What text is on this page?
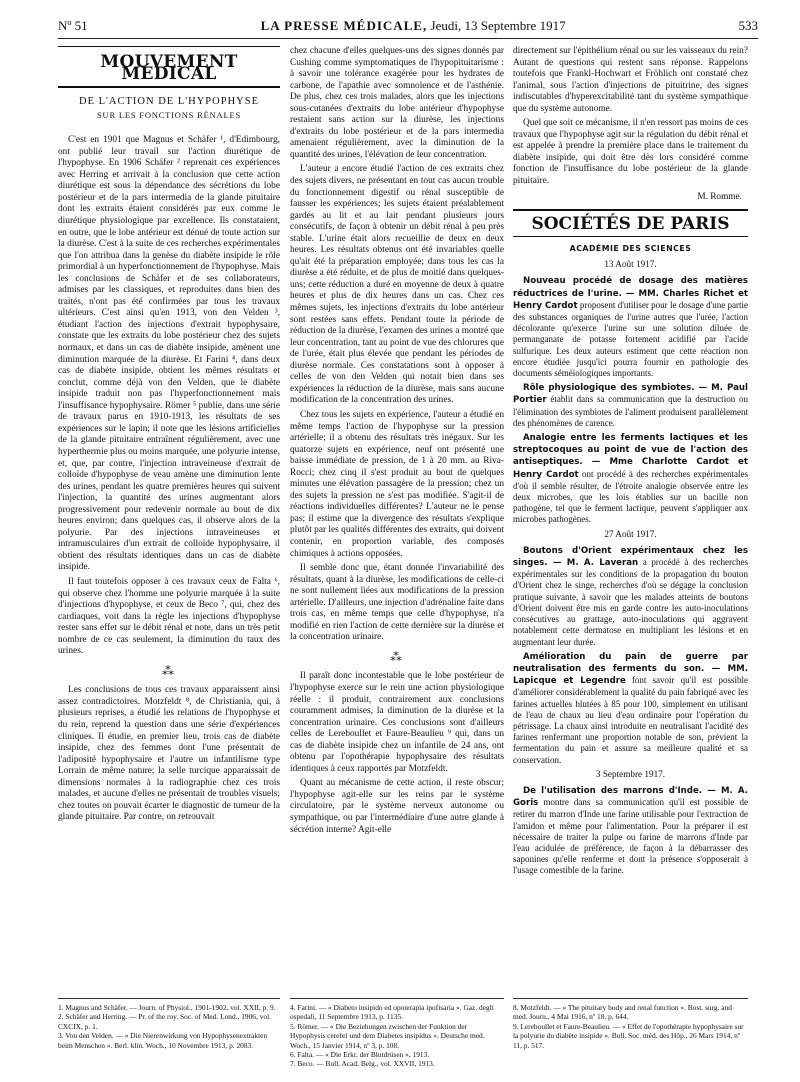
Nº 51	LA PRESSE MÉDICALE, Jeudi, 13 Septembre 1917	533
MOUVEMENT MÉDICAL
DE L'ACTION DE L'HYPOPHYSE
SUR LES FONCTIONS RÉNALES

C'est en 1901 que Magnus et Schäfer ¹, d'Edimbourg, ont publié leur travail sur l'action diurétique de l'hypophyse. En 1906 Schäfer ² reprenait ces expériences avec Herring et arrivait à la conclusion que cette action diurétique est sous la dépendance des sécrétions du lobe postérieur et de la pars intermedia de la glande pituitaire dont les extraits étaient considérés par eux comme le diurétique physiologique par excellence. Ils constataient, en outre, que le lobe antérieur est dénué de toute action sur la diurèse. C'est à la suite de ces recherches expérimentales que l'on attribua dans la genèse du diabète insipide le rôle primordial à un hyperfonctionnement de l'hypophyse. Mais les conclusions de Schäfer et de ses collaborateurs, admises par les classiques, et reproduites dans bien des traités, n'ont pas été confirmées par tous les travaux ultérieurs. C'est ainsi qu'en 1913, von den Velden ³, étudiant l'action des injections d'extrait hypophysaire, constate que les extraits du lobe postérieur chez des sujets normaux, et dans un cas de diabète insipide, amènent une diminution marquée de la diurèse. Et Farini ⁴, dans deux cas de diabète insipide, obtient les mêmes résultats et conclut, comme déjà von den Velden, que le diabète insipide traduit non pas l'hyperfonctionnement mais l'insuffisance hypophysaire. Römer ⁵ publie, dans une série de travaux parus en 1910-1913, les résultats de ses expériences sur le lapin; il note que les lésions artificielles de la glande pituitaire entraînent régulièrement, avec une hyperthermie plus ou moins marquée, une polyurie intense, et, que, par contre, l'injection intraveineuse d'extrait de colloïde d'hypophyse de veau amène une diminution lente des urines, pendant les quatre premières heures qui suivent l'injection, la quantité des urines augmentant alors progressivement pour redevenir normale au bout de dix heures environ; dans quelques cas, il observe alors de la polyurie. Par des injections intraveineuses et intramusculaires d'un extrait de colloïde hypophysaire, il obtient des résultats identiques dans un cas de diabète insipide.

Il faut toutefois opposer à ces travaux ceux de Falta ⁶, qui observe chez l'homme une polyurie marquée à la suite d'injections d'hypophyse, et ceux de Beco ⁷, qui, chez des cardiaques, voit dans la règle les injections d'hypophyse rester sans effet sur le débit rénal et note, dans un très petit nombre de ce cas seulement, la diminution du taux des urines.

⁂

Les conclusions de tous ces travaux apparaissent ainsi assez contradictoires. Motzfeldt ⁸, de Christiania, qui, à plusieurs reprises, a étudié les relations de l'hypophyse et du rein, reprend la question dans une série d'expériences cliniques. Il étudie, en premier lieu, trois cas de diabète insipide, chez des femmes dont l'une présentait de l'adiposité hypophysaire et l'autre un infantilisme type Lorrain de même nature; la selle turcique apparaissait de dimensions normales à la radiographie chez ces trois malades, et aucune d'elles ne présentait de troubles visuels; chez toutes on pouvait écarter le diagnostic de tumeur de la glande pituitaire. Par contre, on retrouvait

chez chacune d'elles quelques-uns des signes donnés par Cushing comme symptomatiques de l'hypopituitarisme : à savoir une tolérance exagérée pour les hydrates de carbone, de l'apathie avec somnolence et de l'asthénie. De plus, chez ces trois malades, alors que les injections sous-cutanées d'extraits du lobe antérieur d'hypophyse restaient sans action sur la diurèse, les injections d'extraits du lobe postérieur et de la pars intermedia amenaient régulièrement, avec la diminution de la quantité des urines, l'élévation de leur concentration.

L'auteur a encore étudié l'action de ces extraits chez des sujets divers, ne présentant en tout cas aucun trouble du fonctionnement digestif ou rénal susceptible de fausser les expériences; les sujets étaient préalablement gardés au lit et au lait pendant plusieurs jours consécutifs, de façon à obtenir un débit rénal à peu près stable. L'urine était alors recueillie de deux en deux heures. Les résultats obtenus ont été invariables quelle qu'ait été la préparation employée; dans tous les cas la diurèse a été réduite, et de plus de moitié dans quelques-uns; cette réduction a duré en moyenne de deux à quatre heures et plus de dix heures dans un cas. Chez ces mêmes sujets, les injections d'extraits du lobe antérieur sont restées sans effets. Pendant toute la période de réduction de la diurèse, l'examen des urines a montré que leur concentration, tant au point de vue des chlorures que de l'urée, était plus élevée que pendant les périodes de diurèse normale. Ces constatations sont à opposer à celles de von den Velden qui notait bien dans ses expériences la réduction de la diurèse, mais sans aucune modification de la concentration des urines.

Chez tous les sujets en expérience, l'auteur a étudié en même temps l'action de l'hypophyse sur la pression artérielle; il a obtenu des résultats très inégaux. Sur les quatorze sujets en expérience, neuf ont présenté une baisse immédiate de pression, de 1 à 20 mm. au Riva-Rocci; chez cinq il s'est produit au bout de quelques minutes une élévation passagère de la pression; chez un des sujets la pression ne s'est pas modifiée. S'agit-il de réactions individuelles différentes? L'auteur ne le pense pas; il estime que la divergence des résultats s'explique plutôt par les qualités différentes des extraits, qui doivent contenir, en proportion variable, des composés chimiques à actions opposées.

Il semble donc que, étant donnée l'invariabilité des résultats, quant à la diurèse, les modifications de celle-ci ne sont nullement liées aux modifications de la pression artérielle. D'ailleurs, une injection d'adrénaline faite dans trois cas, en même temps que celle d'hypophyse, n'a modifié en rien l'action de cette dernière sur la diurèse et la concentration urinaire.

⁂

Il paraît donc incontestable que le lobe postérieur de l'hypophyse exerce sur le rein une action physiologique réelle : il produit, contrairement aux conclusions couramment admises, la diminution de la diurèse et la concentration urinaire. Ces conclusions sont d'ailleurs celles de Lereboullet et Faure-Beaulieu ⁹ qui, dans un cas de diabète insipide chez un infantile de 24 ans, ont obtenu par l'opothérapie hypophysaire des résultats identiques à ceux rapportés par Motzfeldt.

Quant au mécanisme de cette action, il reste obscur; l'hypophyse agit-elle sur les reins par le système circulatoire, par le système nerveux autonome ou sympathique, ou par l'intermédiaire d'une autre glande à sécrétion interne? Agit-elle

directement sur l'épithélium rénal ou sur les vaisseaux du rein? Autant de questions qui restent sans réponse. Rappelons toutefois que Frankl-Hochwart et Fröhlich ont constaté chez l'animal, sous l'action d'injections de pituitrine, des signes indiscutables d'hyperexcitabilité tant du système sympathique que du système autonome.

Quel que soit ce mécanisme, il n'en ressort pas moins de ces travaux que l'hypophyse agit sur la régulation du débit rénal et est appelée à prendre la première place dans le traitement du diabète insipide, qui doit être dès lors considéré comme fonction de l'insuffisance du lobe postérieur de la glande pituitaire.

M. Romme.
SOCIÉTÉS DE PARIS
ACADÉMIE DES SCIENCES
13 Août 1917.

Nouveau procédé de dosage des matières réductrices de l'urine. — MM. Charles Richet et Henry Cardot proposent d'utiliser pour le dosage d'une partie des substances organiques de l'urine autres que l'urée, l'action décolorante qu'exerce l'urine sur une solution diluée de permanganate de potasse fortement acidifié par l'acide sulfurique. Les deux auteurs estiment que cette réaction non encore étudiée jusqu'ici pourra fournir en pathologie des documents séméiologiques importants.

Rôle physiologique des symbiotes. — M. Paul Portier établit dans sa communication que la destruction ou l'élimination des symbiotes de l'aliment produisent parallèlement des phénomènes de carence.

Analogie entre les ferments lactiques et les streptocoques au point de vue de l'action des antiseptiques. — Mme Charlotte Cardot et Henry Cardot ont procédé à des recherches expérimentales d'où il semble résulter, de l'étroite analogie observée entre les deux microbes, que les lois établies sur un bacille non pathogène, tel que le ferment lactique, peuvent s'appliquer aux microbes pathogènes.

27 Août 1917.

Boutons d'Orient expérimentaux chez les singes. — M. A. Laveran a procédé à des recherches expérimentales sur les conditions de la propagation du bouton d'Orient chez le singe, recherches d'où se dégage la conclusion pratique suivante, à savoir que les malades atteints de boutons d'Orient doivent être mis en garde contre les auto-inoculations consécutives au grattage, auto-inoculations qui aggravent notablement cette dermatose en multipliant les lésions et en augmentant leur durée.

Amélioration du pain de guerre par neutralisation des ferments du son. — MM. Lapicque et Legendre font savoir qu'il est possible d'améliorer considérablement la qualité du pain fabriqué avec les farines actuelles blutées à 85 pour 100, simplement en utilisant de l'eau de chaux au lieu d'eau ordinaire pour l'opération du pétrissage. La chaux ainsi introduite en neutralisant l'acidité des farines renfermant une proportion notable de son, prévient la fermentation du pain et assure sa meilleure qualité et sa conservation.

3 Septembre 1917.

De l'utilisation des marrons d'Inde. — M. A. Goris montre dans sa communication qu'il est possible de retirer du marron d'Inde une farine utilisable pour l'extraction de l'amidon et même pour l'alimentation. Pour la préparer il est nécessaire de traiter la pulpe ou farine de marrons d'Inde par l'eau acidulée de préférence, de façon à la débarrasser des saponines qu'elle renferme et dont la présence s'opposerait à l'usage comestible de la farine.

1. Magnus and Schäfer. — Journ. of Physiol., 1901-1902, vol. XXII, p. 9.
2. Schäfer and Herring. — Pr. of the roy. Soc. of Med. Lond., 1906, vol. CXCIX, p. 1.
3. Von den Velden. — « Die Nierenwirkung von Hypophysenextrakten beim Menschen ». Berl. klin. Woch., 10 Novembre 1913, p. 2083.
4. Farini. — « Diabeto insipido ed opoterapia ipofisaria ». Gaz. degli ospedali, 11 Septembre 1913, p. 1135.
5. Römer. — « Die Beziehungen zwischen der Funktion der Hypophysis cerebri und dem Diabetes insipidus ». Deutsche med. Woch., 15 Janvier 1914, nº 3, p. 108.
6. Falta. — « Die Erkr. der Blutdrüsen », 1913.
7. Beco. — Bull. Acad. Belg., vol. XXVII, 1913.
8. Motzfeldt. — « The pituitary body and renal function ». Bost. surg. and med. Journ., 4 Mai 1916, nº 18, p. 644.
9. Lereboullet et Faure-Beaulieu. — « Effet de l'opothérapie hypophysaire sur la polyurie du diabète insipide ». Bull. Soc. méd. des Hôp., 26 Mars 1914, nº 11, p. 517.
